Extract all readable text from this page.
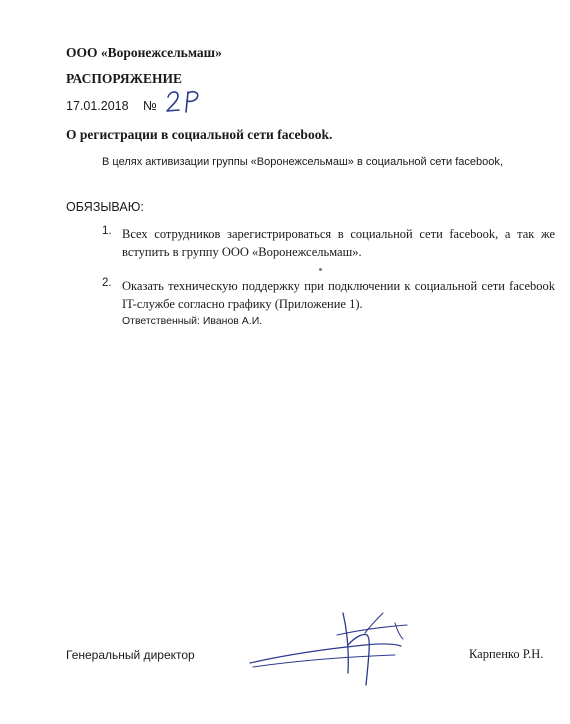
ООО «Воронежсельмаш»
РАСПОРЯЖЕНИЕ
17.01.2018 №
О регистрации в социальной сети facebook.
В целях активизации группы «Воронежсельмаш» в социальной сети facebook,
ОБЯЗЫВАЮ:
1. Всех сотрудников зарегистрироваться в социальной сети facebook, а так же
вступить в группу ООО «Воронежсельмаш».
2. Оказать техническую поддержку при подключении к социальной сети facebook
IT-службе согласно графику (Приложение 1).
Ответственный: Иванов А.И.
Генеральный директор	Карпенко Р.Н.
